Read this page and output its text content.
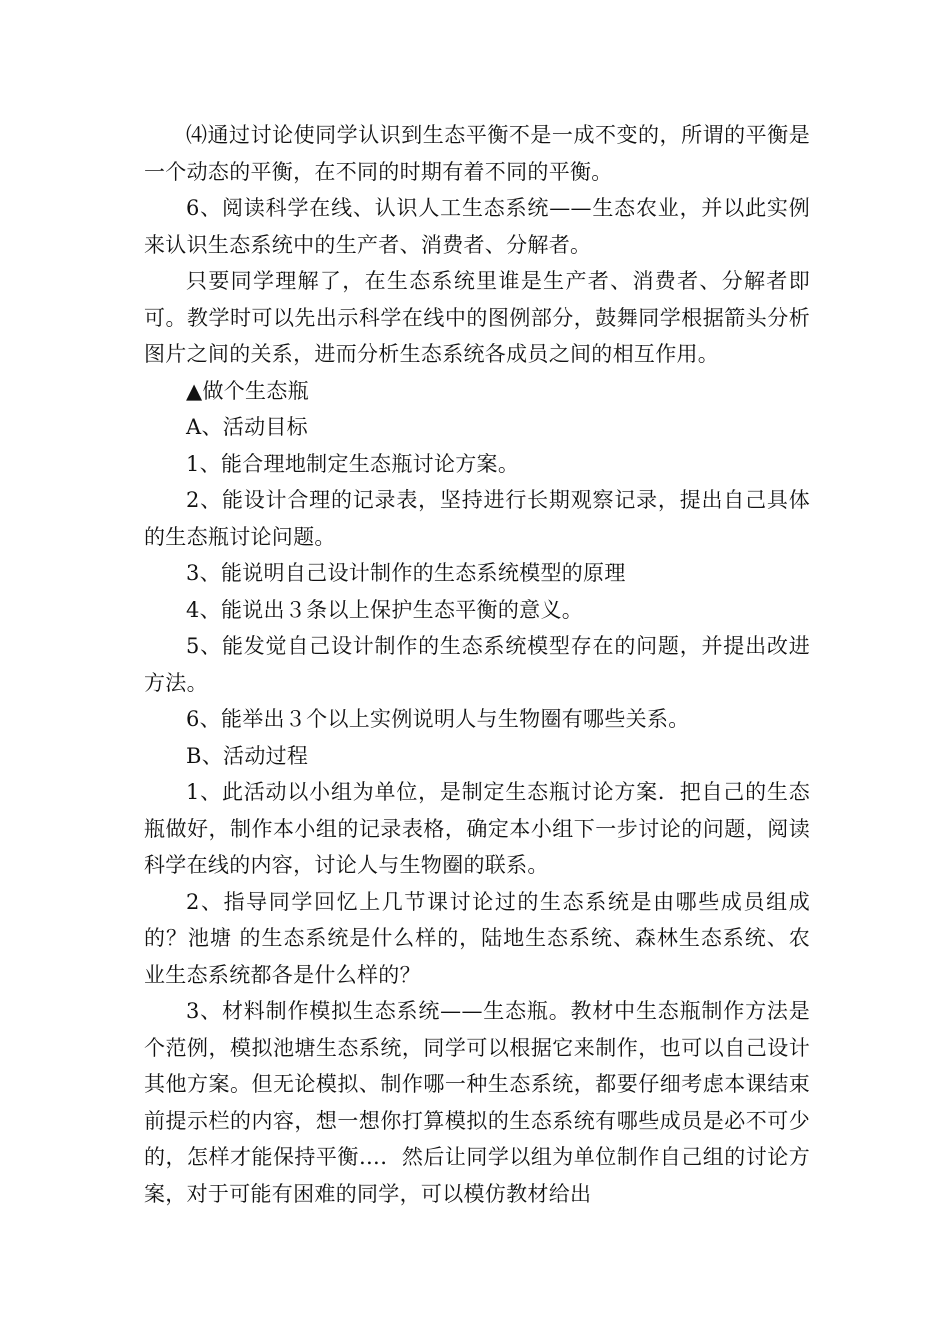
⑷通过讨论使同学认识到生态平衡不是一成不变的，所谓的平衡是一个动态的平衡，在不同的时期有着不同的平衡。

6、阅读科学在线、认识人工生态系统——生态农业，并以此实例来认识生态系统中的生产者、消费者、分解者。

只要同学理解了，在生态系统里谁是生产者、消费者、分解者即可。教学时可以先出示科学在线中的图例部分，鼓舞同学根据箭头分析图片之间的关系，进而分析生态系统各成员之间的相互作用。

▲做个生态瓶

A、活动目标

1、能合理地制定生态瓶讨论方案。

2、能设计合理的记录表，坚持进行长期观察记录，提出自己具体的生态瓶讨论问题。

3、能说明自己设计制作的生态系统模型的原理

4、能说出３条以上保护生态平衡的意义。

5、能发觉自己设计制作的生态系统模型存在的问题，并提出改进方法。

6、能举出３个以上实例说明人与生物圈有哪些关系。

B、活动过程

1、此活动以小组为单位，是制定生态瓶讨论方案．把自己的生态瓶做好，制作本小组的记录表格，确定本小组下一步讨论的问题，阅读科学在线的内容，讨论人与生物圈的联系。

2、指导同学回忆上几节课讨论过的生态系统是由哪些成员组成的？池塘 的生态系统是什么样的，陆地生态系统、森林生态系统、农业生态系统都各是什么样的？

3、材料制作模拟生态系统——生态瓶。教材中生态瓶制作方法是个范例，模拟池塘生态系统，同学可以根据它来制作，也可以自己设计其他方案。但无论模拟、制作哪一种生态系统，都要仔细考虑本课结束前提示栏的内容，想一想你打算模拟的生态系统有哪些成员是必不可少的，怎样才能保持平衡…．然后让同学以组为单位制作自己组的讨论方案，对于可能有困难的同学，可以模仿教材给出
